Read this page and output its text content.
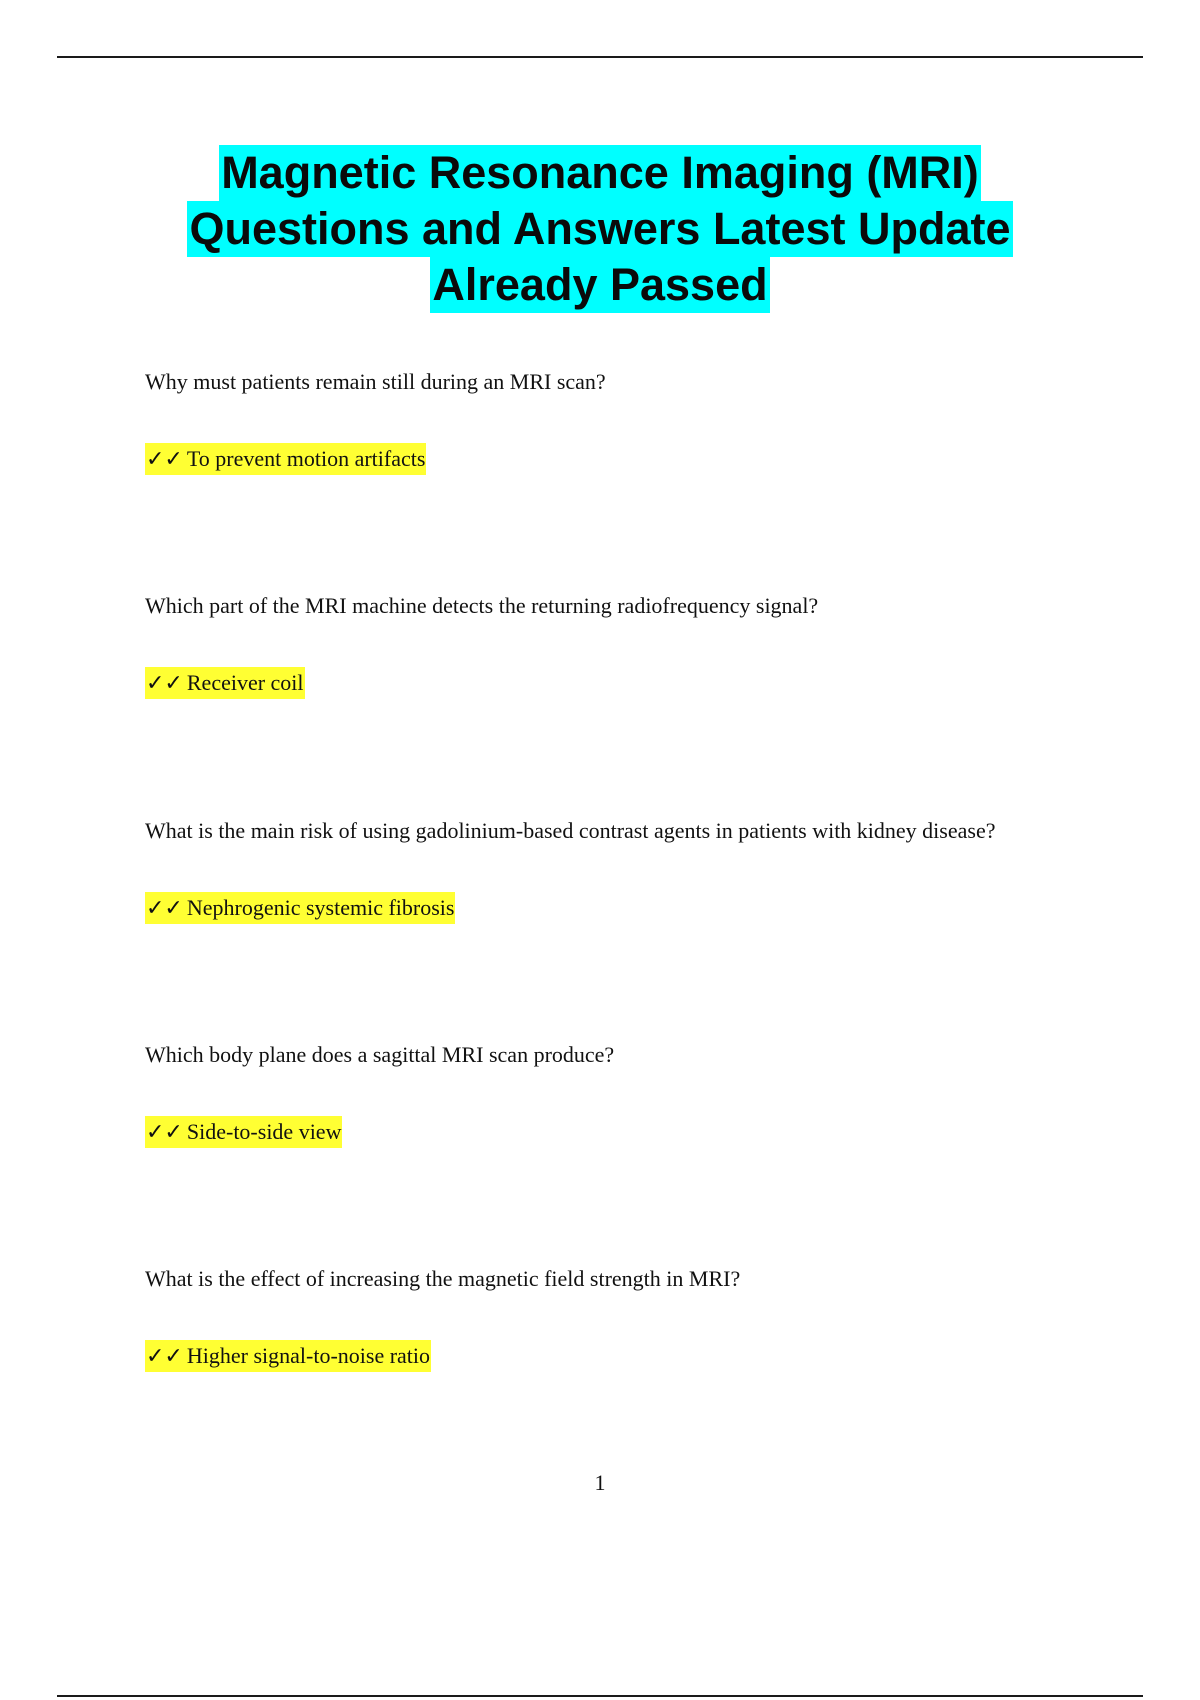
Magnetic Resonance Imaging (MRI)
Questions and Answers Latest Update
Already Passed

Why must patients remain still during an MRI scan?

✓✓ To prevent motion artifacts

Which part of the MRI machine detects the returning radiofrequency signal?

✓✓ Receiver coil

What is the main risk of using gadolinium-based contrast agents in patients with kidney disease?

✓✓ Nephrogenic systemic fibrosis

Which body plane does a sagittal MRI scan produce?

✓✓ Side-to-side view

What is the effect of increasing the magnetic field strength in MRI?

✓✓ Higher signal-to-noise ratio
1
